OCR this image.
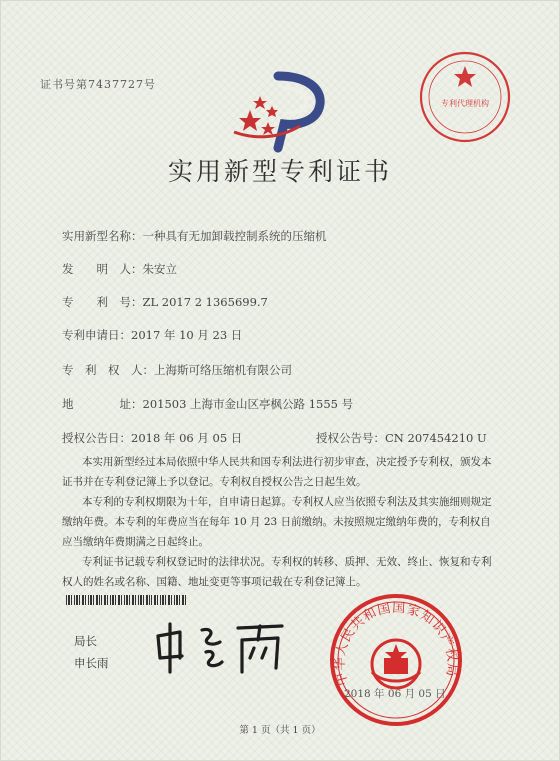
证书号第7437727号
专利代理机构
实用新型专利证书
实用新型名称：一种具有无加卸载控制系统的压缩机
发　　明　人：朱安立
专　　利　号：ZL 2017 2 1365699.7
专利申请日：2017 年 10 月 23 日
专　利　权　人：上海斯可络压缩机有限公司
地　　　　址：201503 上海市金山区亭枫公路 1555 号
授权公告日：2018 年 06 月 05 日	授权公告号：CN 207454210 U

本实用新型经过本局依照中华人民共和国专利法进行初步审查，决定授予专利权，颁发本证书并在专利登记簿上予以登记。专利权自授权公告之日起生效。

本专利的专利权期限为十年，自申请日起算。专利权人应当依照专利法及其实施细则规定缴纳年费。本专利的年费应当在每年 10 月 23 日前缴纳。未按照规定缴纳年费的，专利权自应当缴纳年费期满之日起终止。

专利证书记载专利权登记时的法律状况。专利权的转移、质押、无效、终止、恢复和专利权人的姓名或名称、国籍、地址变更等事项记载在专利登记簿上。

局长
申长雨
中华人民共和国国家知识产权局
2018 年 06 月 05 日
第 1 页（共 1 页）
